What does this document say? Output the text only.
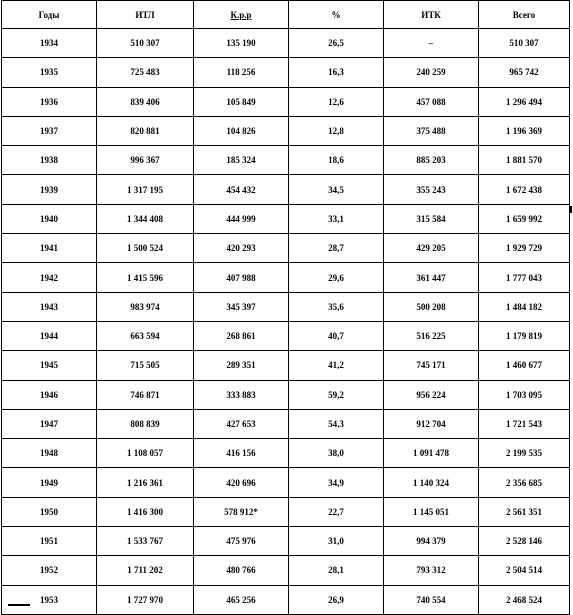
Годы	ИТЛ	К.р.р	%	ИТК	Всего
1934	510 307	135 190	26,5	–	510 307
1935	725 483	118 256	16,3	240 259	965 742
1936	839 406	105 849	12,6	457 088	1 296 494
1937	820 881	104 826	12,8	375 488	1 196 369
1938	996 367	185 324	18,6	885 203	1 881 570
1939	1 317 195	454 432	34,5	355 243	1 672 438
1940	1 344 408	444 999	33,1	315 584	1 659 992
1941	1 500 524	420 293	28,7	429 205	1 929 729
1942	1 415 596	407 988	29,6	361 447	1 777 043
1943	983 974	345 397	35,6	500 208	1 484 182
1944	663 594	268 861	40,7	516 225	1 179 819
1945	715 505	289 351	41,2	745 171	1 460 677
1946	746 871	333 883	59,2	956 224	1 703 095
1947	808 839	427 653	54,3	912 704	1 721 543
1948	1 108 057	416 156	38,0	1 091 478	2 199 535
1949	1 216 361	420 696	34,9	1 140 324	2 356 685
1950	1 416 300	578 912*	22,7	1 145 051	2 561 351
1951	1 533 767	475 976	31,0	994 379	2 528 146
1952	1 711 202	480 766	28,1	793 312	2 504 514
1953	1 727 970	465 256	26,9	740 554	2 468 524
